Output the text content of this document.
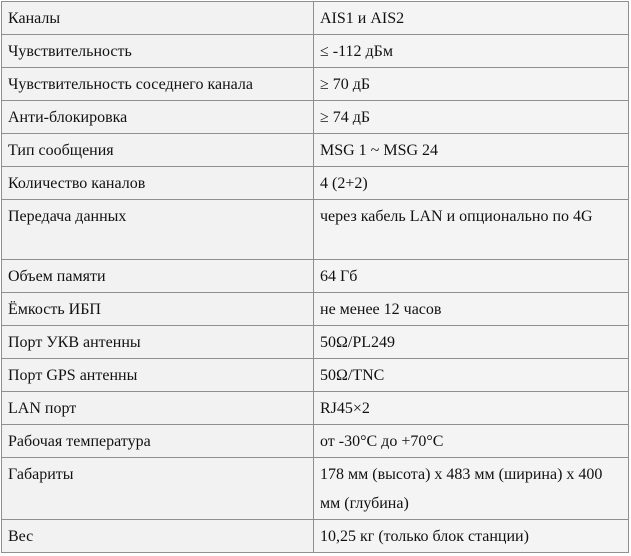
Каналы	AIS1 и AIS2
Чувствительность	≤ -112 дБм
Чувствительность соседнего канала	≥ 70 дБ
Анти-блокировка	≥ 74 дБ
Тип сообщения	MSG 1 ~ MSG 24
Количество каналов	4 (2+2)
Передача данных	через кабель LAN и опционально по 4G
Объем памяти	64 Гб
Ёмкость ИБП	не менее 12 часов
Порт УКВ антенны	50Ω/PL249
Порт GPS антенны	50Ω/TNC
LAN порт	RJ45×2
Рабочая температура	от -30°C до +70°C
Габариты	178 мм (высота) х 483 мм (ширина) х 400 мм (глубина)
Вес	10,25 кг (только блок станции)
